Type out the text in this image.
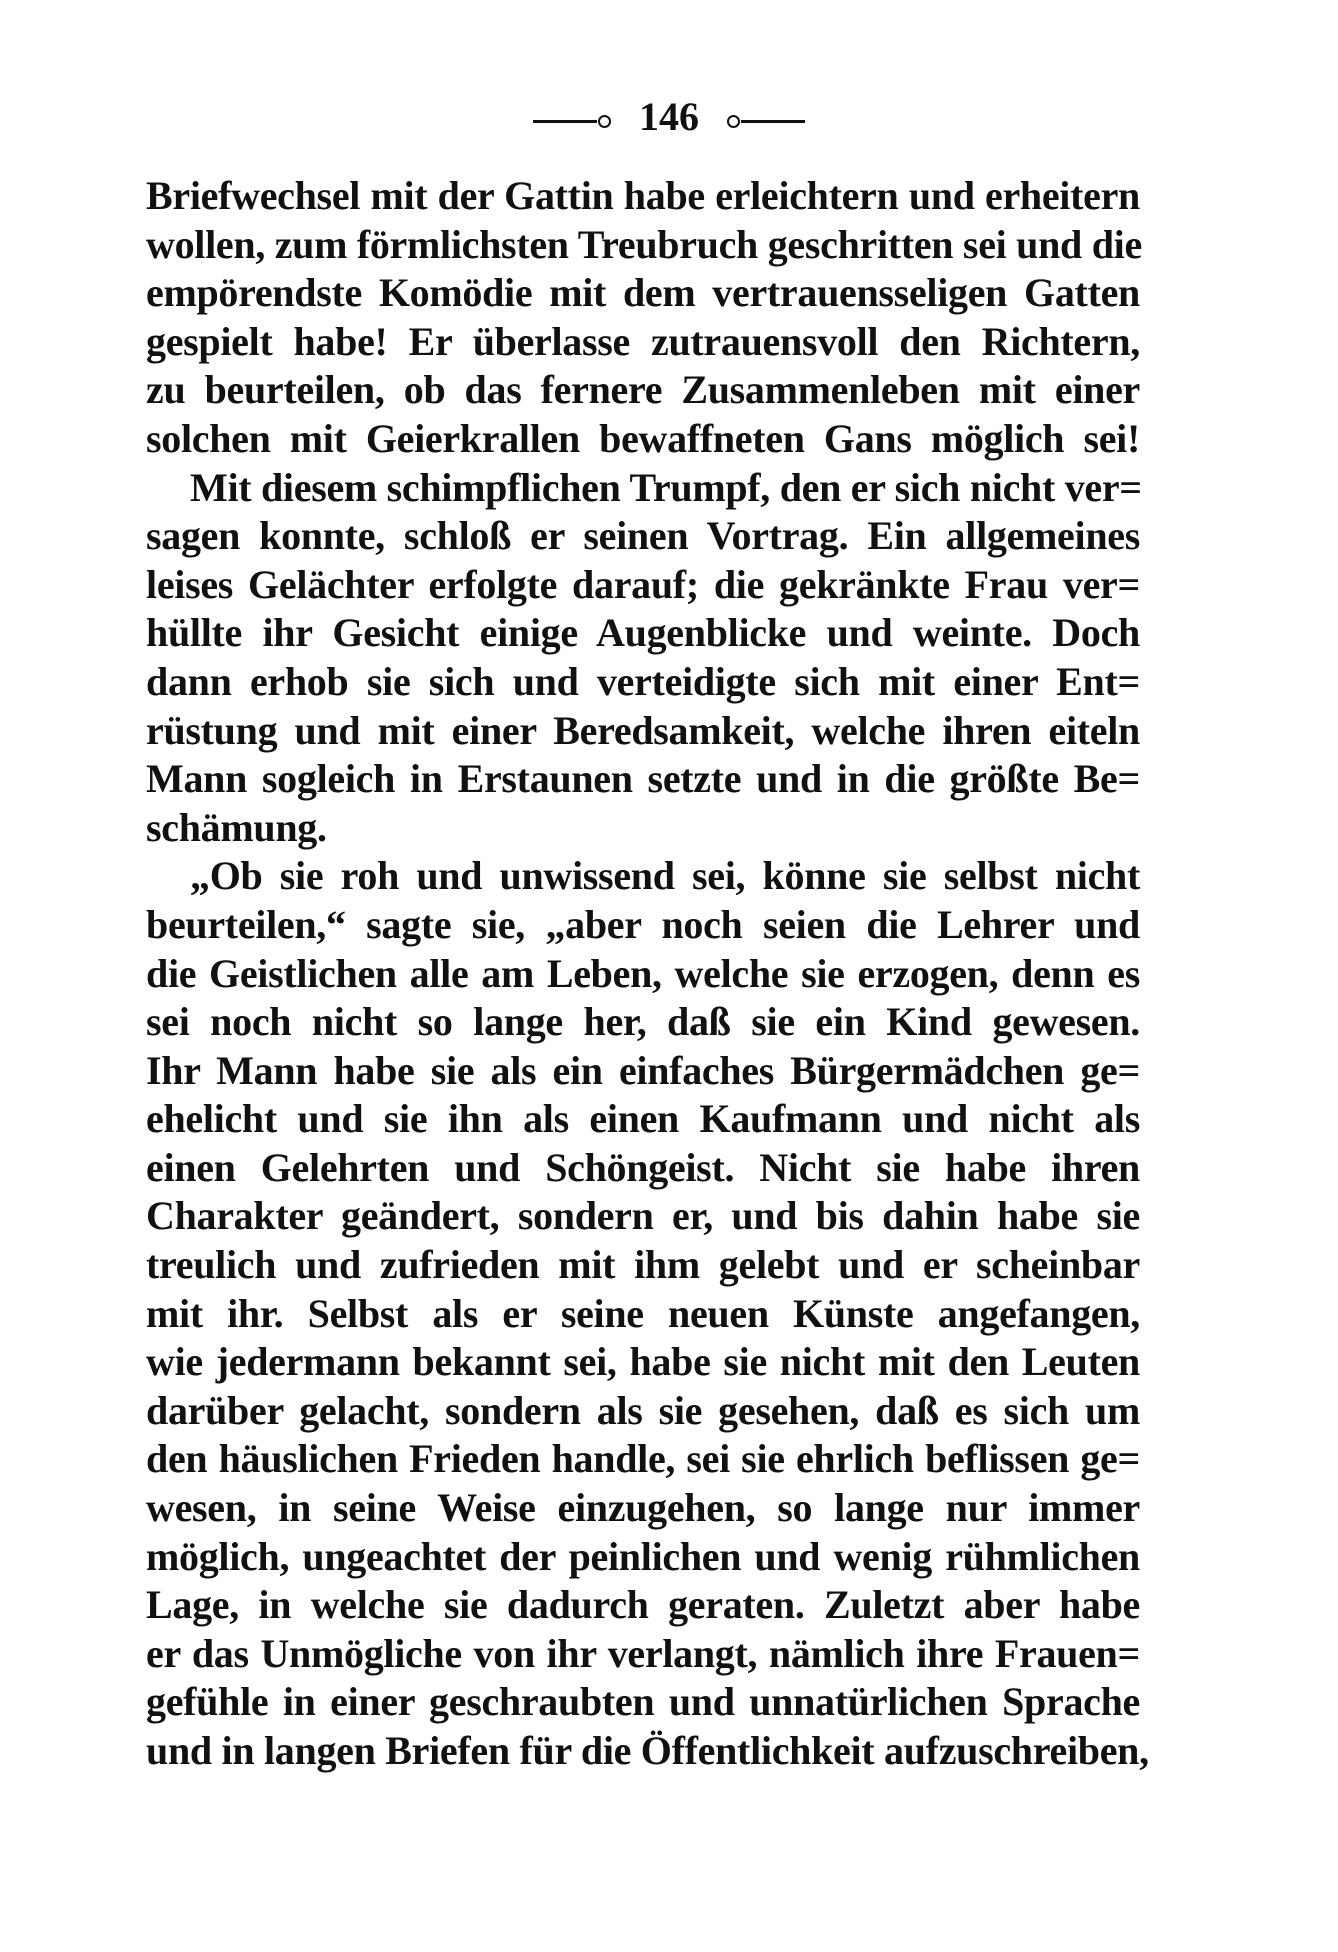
146
Briefwechsel mit der Gattin habe erleichtern und erheitern
wollen, zum förmlichsten Treubruch geschritten sei und die
empörendste Komödie mit dem vertrauensseligen Gatten
gespielt habe! Er überlasse zutrauensvoll den Richtern,
zu beurteilen, ob das fernere Zusammenleben mit einer
solchen mit Geierkrallen bewaffneten Gans möglich sei!
Mit diesem schimpflichen Trumpf, den er sich nicht ver=
sagen konnte, schloß er seinen Vortrag. Ein allgemeines
leises Gelächter erfolgte darauf; die gekränkte Frau ver=
hüllte ihr Gesicht einige Augenblicke und weinte. Doch
dann erhob sie sich und verteidigte sich mit einer Ent=
rüstung und mit einer Beredsamkeit, welche ihren eiteln
Mann sogleich in Erstaunen setzte und in die größte Be=
schämung.
„Ob sie roh und unwissend sei, könne sie selbst nicht
beurteilen,“ sagte sie, „aber noch seien die Lehrer und
die Geistlichen alle am Leben, welche sie erzogen, denn es
sei noch nicht so lange her, daß sie ein Kind gewesen.
Ihr Mann habe sie als ein einfaches Bürgermädchen ge=
ehelicht und sie ihn als einen Kaufmann und nicht als
einen Gelehrten und Schöngeist. Nicht sie habe ihren
Charakter geändert, sondern er, und bis dahin habe sie
treulich und zufrieden mit ihm gelebt und er scheinbar
mit ihr. Selbst als er seine neuen Künste angefangen,
wie jedermann bekannt sei, habe sie nicht mit den Leuten
darüber gelacht, sondern als sie gesehen, daß es sich um
den häuslichen Frieden handle, sei sie ehrlich beflissen ge=
wesen, in seine Weise einzugehen, so lange nur immer
möglich, ungeachtet der peinlichen und wenig rühmlichen
Lage, in welche sie dadurch geraten. Zuletzt aber habe
er das Unmögliche von ihr verlangt, nämlich ihre Frauen=
gefühle in einer geschraubten und unnatürlichen Sprache
und in langen Briefen für die Öffentlichkeit aufzuschreiben,
